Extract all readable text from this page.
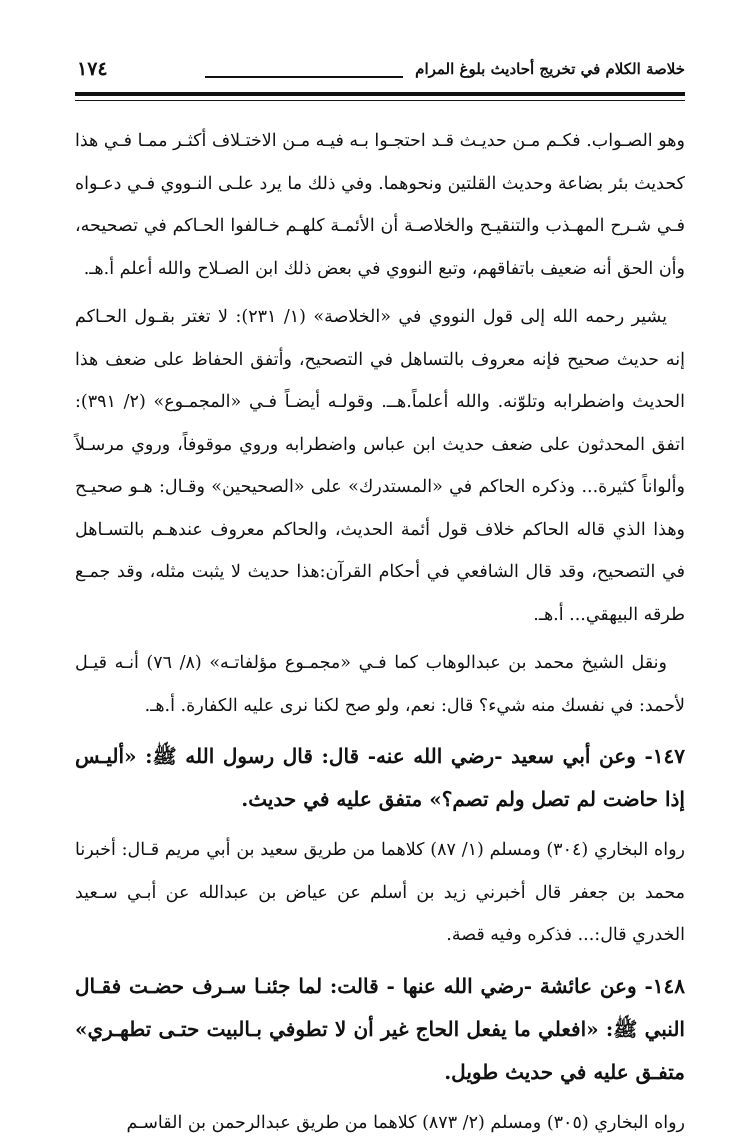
خلاصة الكلام في تخريج أحاديث بلوغ المرام
١٧٤

وهو الصـواب. فكـم مـن حديـث قـد احتجـوا بـه فيـه مـن الاختـلاف أكثـر ممـا فـي هذا كحديث بئر بضاعة وحديث القلتين ونحوهما. وفي ذلك ما يرد علـى النـووي فـي دعـواه فـي شـرح المهـذب والتنقيـح والخلاصـة أن الأئمـة كلهـم خـالفوا الحـاكم في تصحيحه، وأن الحق أنه ضعيف باتفاقهم، وتبع النووي في بعض ذلك ابن الصـلاح والله أعلم أ.هـ.

يشير رحمه الله إلى قول النووي في «الخلاصة» (١/ ٢٣١): لا تغتر بقـول الحـاكم إنه حديث صحيح فإنه معروف بالتساهل في التصحيح، وأتفق الحفاظ على ضعف هذا الحديث واضطرابه وتلوّنه. والله أعلماً.هــ. وقولـه أيضـاً فـي «المجمـوع» (٢/ ٣٩١): اتفق المحدثون على ضعف حديث ابن عباس واضطرابه وروي موقوفاً، وروي مرسـلاً وألواناً كثيرة... وذكره الحاكم في «المستدرك» على «الصحيحين» وقـال: هـو صحيـح وهذا الذي قاله الحاكم خلاف قول أئمة الحديث، والحاكم معروف عندهـم بالتسـاهل في التصحيح، وقد قال الشافعي في أحكام القرآن:هذا حديث لا يثبت مثله، وقد جمـع طرقه البيهقي... أ.هـ.

ونقل الشيخ محمد بن عبدالوهاب كما فـي «مجمـوع مؤلفاتـه» (٨/ ٧٦) أنـه قيـل لأحمد: في نفسك منه شيء؟ قال: نعم، ولو صح لكنا نرى عليه الكفارة. أ.هـ.

١٤٧- وعن أبي سعيد -رضي الله عنه- قال: قال رسول الله ﷺ: «أليـس إذا حاضت لم تصل ولم تصم؟» متفق عليه في حديث.

رواه البخاري (٣٠٤) ومسلم (١/ ٨٧) كلاهما من طريق سعيد بن أبي مريم قـال: أخبرنا محمد بن جعفر قال أخبرني زيد بن أسلم عن عياض بن عبدالله عن أبـي سـعيد الخدري قال:... فذكره وفيه قصة.

١٤٨- وعن عائشة -رضي الله عنها - قالت: لما جئنـا سـرف حضـت فقـال النبي ﷺ: «افعلي ما يفعل الحاج غير أن لا تطوفي بـالبيت حتـى تطهـري» متفـق عليه في حديث طويل.

رواه البخاري (٣٠٥) ومسلم (٢/ ٨٧٣) كلاهما من طريق عبدالرحمن بن القاسـم
